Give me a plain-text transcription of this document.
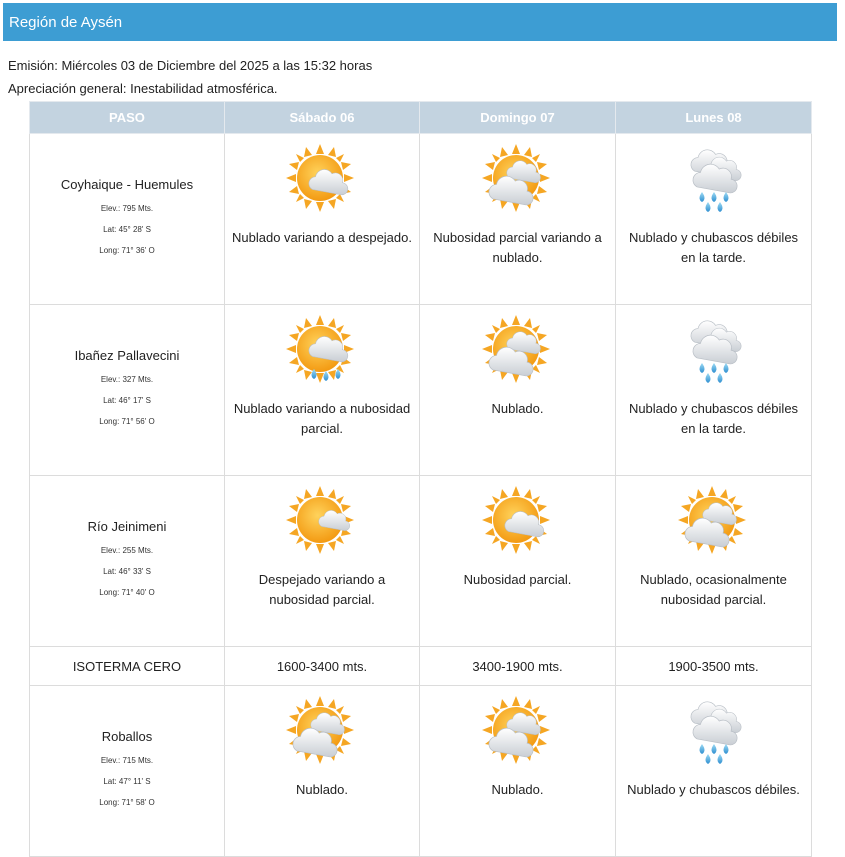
Región de Aysén
Emisión: Miércoles 03 de Diciembre del 2025 a las 15:32 horas
Apreciación general: Inestabilidad atmosférica.
PASO	Sábado 06	Domingo 07	Lunes 08

Coyhaique - Huemules
Elev.: 795 Mts.
Lat: 45° 28' S
Long: 71° 36' O	Nublado variando a despejado.	Nubosidad parcial variando a nublado.	Nublado y chubascos débiles en la tarde.

Ibañez Pallavecini
Elev.: 327 Mts.
Lat: 46° 17' S
Long: 71° 56' O	Nublado variando a nubosidad parcial.	Nublado.	Nublado y chubascos débiles en la tarde.

Río Jeinimeni
Elev.: 255 Mts.
Lat: 46° 33' S
Long: 71° 40' O	Despejado variando a nubosidad parcial.	Nubosidad parcial.	Nublado, ocasionalmente nubosidad parcial.

ISOTERMA CERO	1600-3400 mts.	3400-1900 mts.	1900-3500 mts.

Roballos
Elev.: 715 Mts.
Lat: 47° 11' S
Long: 71° 58' O	Nublado.	Nublado.	Nublado y chubascos débiles.
